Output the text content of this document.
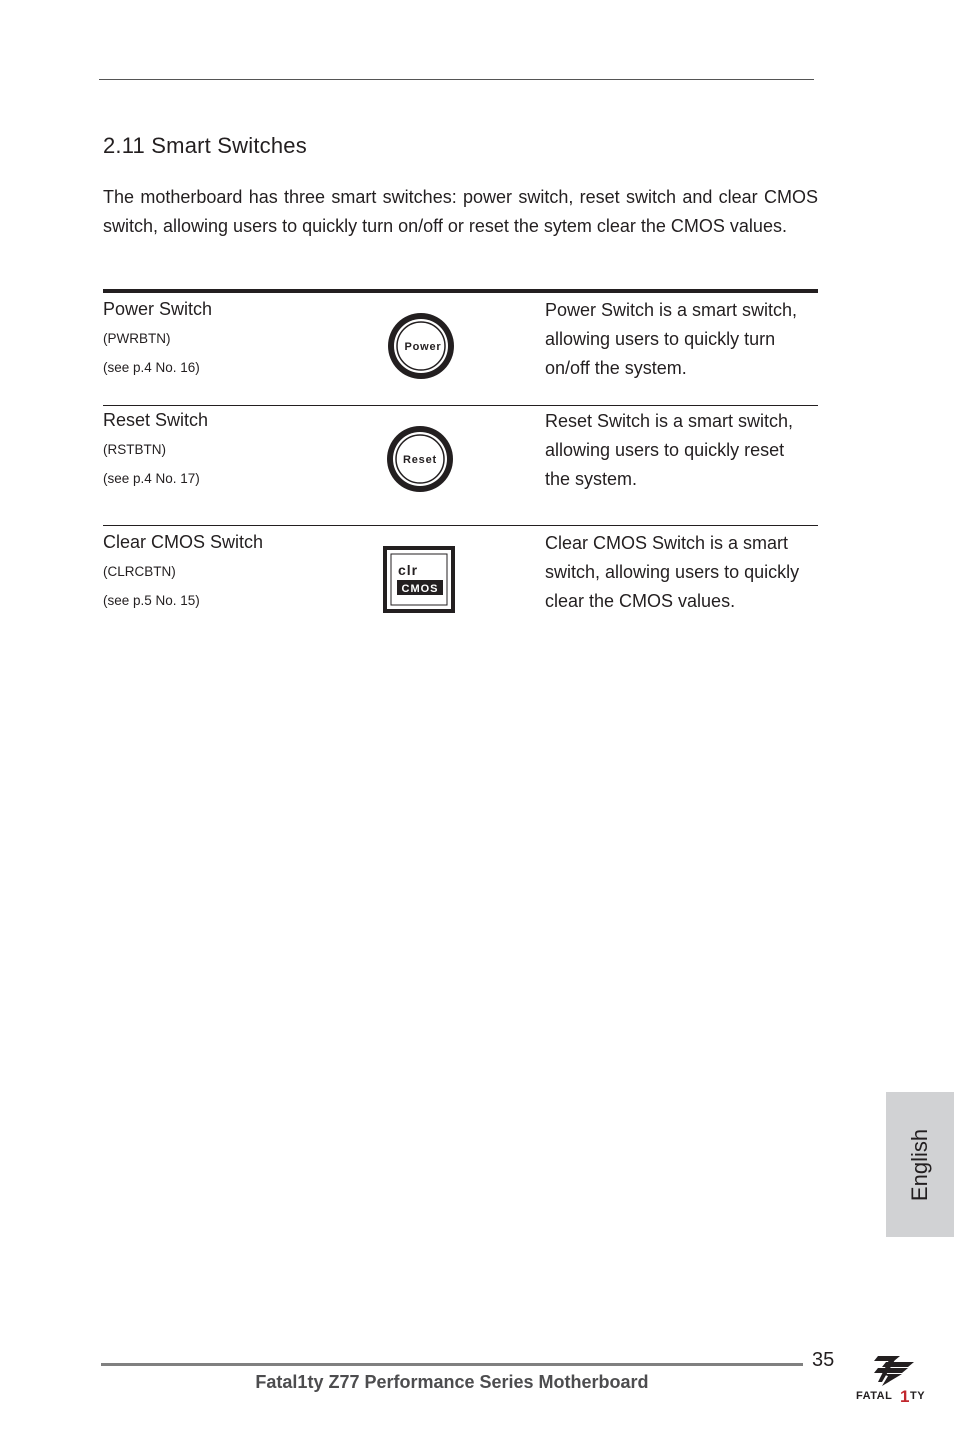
2.11 Smart Switches
The motherboard has three smart switches: power switch, reset switch and clear CMOS switch, allowing users to quickly turn on/off or reset the sytem clear the CMOS values.
Power Switch
(PWRBTN)
(see p.4 No. 16)
Power
Power Switch is a smart switch,
allowing users to quickly turn
on/off the system.
Reset Switch
(RSTBTN)
(see p.4 No. 17)
Reset
Reset Switch is a smart switch,
allowing users to quickly reset
the system.
Clear CMOS Switch
(CLRCBTN)
(see p.5 No. 15)
clr
CMOS
Clear CMOS Switch is a smart
switch, allowing users to quickly
clear the CMOS values.
English
35
Fatal1ty Z77 Performance Series Motherboard
FATAL 1 TY
